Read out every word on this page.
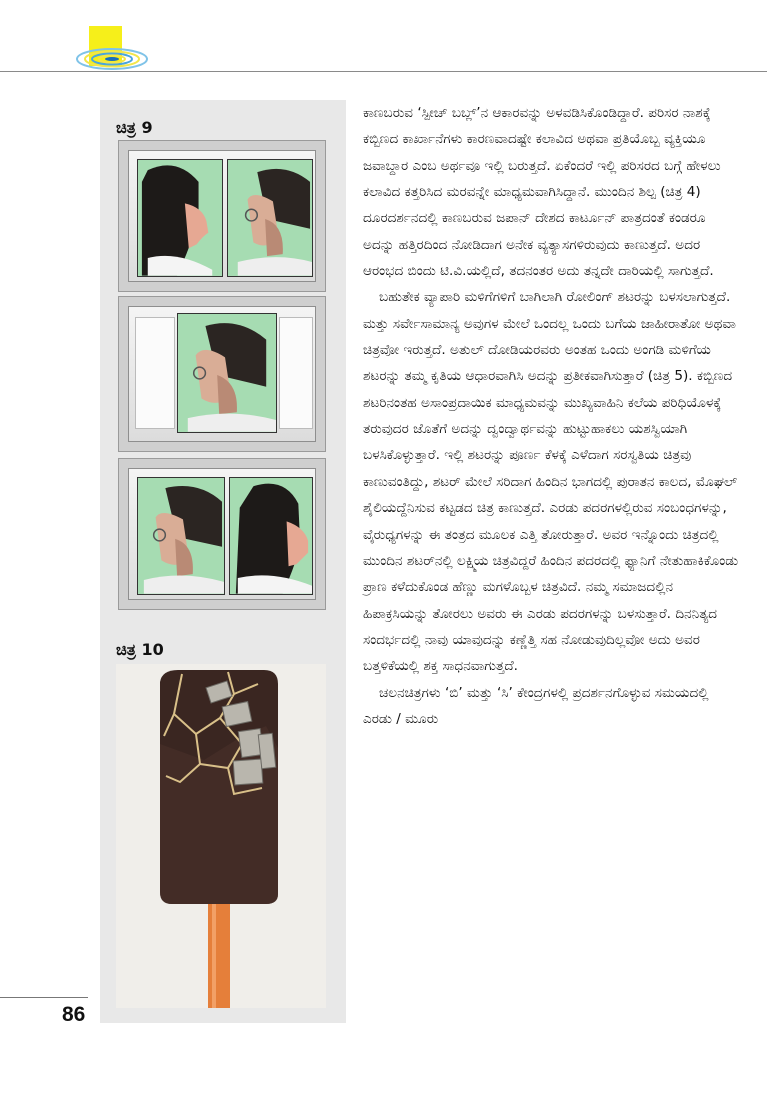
ಚಿತ್ರ 9
ಚಿತ್ರ 10

ಕಾಣಬರುವ ‘ಸ್ಪೀಚ್ ಬಬ್ಲ್’ನ ಆಕಾರವನ್ನು ಅಳವಡಿಸಿಕೊಂಡಿದ್ದಾರೆ. ಪರಿಸರ ನಾಶಕ್ಕೆ ಕಬ್ಬಿಣದ ಕಾರ್ಖಾನೆಗಳು ಕಾರಣವಾದಷ್ಟೇ ಕಲಾವಿದ ಅಥವಾ ಪ್ರತಿಯೊಬ್ಬ ವ್ಯಕ್ತಿಯೂ ಜವಾಬ್ದಾರ ಎಂಬ ಅರ್ಥವೂ ಇಲ್ಲಿ ಬರುತ್ತದೆ. ಏಕೆಂದರೆ ಇಲ್ಲಿ ಪರಿಸರದ ಬಗ್ಗೆ ಹೇಳಲು ಕಲಾವಿದ ಕತ್ತರಿಸಿದ ಮರವನ್ನೇ ಮಾಧ್ಯಮವಾಗಿಸಿದ್ದಾನೆ. ಮುಂದಿನ ಶಿಲ್ಪ (ಚಿತ್ರ 4) ದೂರದರ್ಶನದಲ್ಲಿ ಕಾಣಬರುವ ಜಪಾನ್ ದೇಶದ ಕಾರ್ಟೂನ್ ಪಾತ್ರದಂತೆ ಕಂಡರೂ ಅದನ್ನು ಹತ್ತಿರದಿಂದ ನೋಡಿದಾಗ ಅನೇಕ ವ್ಯತ್ಯಾಸಗಳಿರುವುದು ಕಾಣುತ್ತದೆ. ಅದರ ಆರಂಭದ ಬಿಂದು ಟಿ.ವಿ.ಯಲ್ಲಿದೆ, ತದನಂತರ ಅದು ತನ್ನದೇ ದಾರಿಯಲ್ಲಿ ಸಾಗುತ್ತದೆ.

ಬಹುತೇಕ ವ್ಯಾಪಾರಿ ಮಳಿಗೆಗಳಿಗೆ ಬಾಗಿಲಾಗಿ ರೋಲಿಂಗ್ ಶಟರನ್ನು ಬಳಸಲಾಗುತ್ತದೆ. ಮತ್ತು ಸರ್ವೇಸಾಮಾನ್ಯ ಅವುಗಳ ಮೇಲೆ ಒಂದಲ್ಲ ಒಂದು ಬಗೆಯ ಜಾಹೀರಾತೋ ಅಥವಾ ಚಿತ್ರವೋ ಇರುತ್ತದೆ. ಅತುಲ್ ದೋಡಿಯರವರು ಅಂತಹ ಒಂದು ಅಂಗಡಿ ಮಳಿಗೆಯ ಶಟರನ್ನು ತಮ್ಮ ಕೃತಿಯ ಆಧಾರವಾಗಿಸಿ ಅದನ್ನು ಪ್ರತೀಕವಾಗಿಸುತ್ತಾರೆ (ಚಿತ್ರ 5). ಕಬ್ಬಿಣದ ಶಟರಿನಂತಹ ಅಸಾಂಪ್ರದಾಯಿಕ ಮಾಧ್ಯಮವನ್ನು ಮುಖ್ಯವಾಹಿನಿ ಕಲೆಯ ಪರಿಧಿಯೊಳಕ್ಕೆ ತರುವುದರ ಜೊತೆಗೆ ಅದನ್ನು ದ್ವಂದ್ವಾರ್ಥವನ್ನು ಹುಟ್ಟುಹಾಕಲು ಯಶಸ್ವಿಯಾಗಿ ಬಳಸಿಕೊಳ್ಳುತ್ತಾರೆ. ಇಲ್ಲಿ ಶಟರನ್ನು ಪೂರ್ಣ ಕೆಳಕ್ಕೆ ಎಳೆದಾಗ ಸರಸ್ವತಿಯ ಚಿತ್ರವು ಕಾಣುವಂತಿದ್ದು, ಶಟರ್ ಮೇಲೆ ಸರಿದಾಗ ಹಿಂದಿನ ಭಾಗದಲ್ಲಿ ಪುರಾತನ ಕಾಲದ, ಮೊಘಲ್ ಶೈಲಿಯದ್ದೆನಿಸುವ ಕಟ್ಟಡದ ಚಿತ್ರ ಕಾಣುತ್ತದೆ. ಎರಡು ಪದರಗಳಲ್ಲಿರುವ ಸಂಬಂಧಗಳನ್ನು, ವೈರುಧ್ಯಗಳನ್ನು ಈ ತಂತ್ರದ ಮೂಲಕ ಎತ್ತಿ ತೋರುತ್ತಾರೆ. ಅವರ ಇನ್ನೊಂದು ಚಿತ್ರದಲ್ಲಿ ಮುಂದಿನ ಶಟರ್‌ನಲ್ಲಿ ಲಕ್ಷ್ಮಿಯ ಚಿತ್ರವಿದ್ದರೆ ಹಿಂದಿನ ಪದರದಲ್ಲಿ ಫ್ಯಾನಿಗೆ ನೇತುಹಾಕಿಕೊಂಡು ಪ್ರಾಣ ಕಳೆದುಕೊಂಡ ಹೆಣ್ಣು ಮಗಳೊಬ್ಬಳ ಚಿತ್ರವಿದೆ. ನಮ್ಮ ಸಮಾಜದಲ್ಲಿನ ಹಿಪಾಕ್ರಸಿಯನ್ನು ತೋರಲು ಅವರು ಈ ಎರಡು ಪದರಗಳನ್ನು ಬಳಸುತ್ತಾರೆ. ದಿನನಿತ್ಯದ ಸಂದರ್ಭದಲ್ಲಿ ನಾವು ಯಾವುದನ್ನು ಕಣ್ಣೆತ್ತಿ ಸಹ ನೋಡುವುದಿಲ್ಲವೋ ಅದು ಅವರ ಬತ್ತಳಿಕೆಯಲ್ಲಿ ಶಕ್ತ ಸಾಧನವಾಗುತ್ತದೆ.

ಚಲನಚಿತ್ರಗಳು ‘ಬಿ’ ಮತ್ತು ‘ಸಿ’ ಕೇಂದ್ರಗಳಲ್ಲಿ ಪ್ರದರ್ಶನಗೊಳ್ಳುವ ಸಮಯದಲ್ಲಿ ಎರಡು / ಮೂರು

86
